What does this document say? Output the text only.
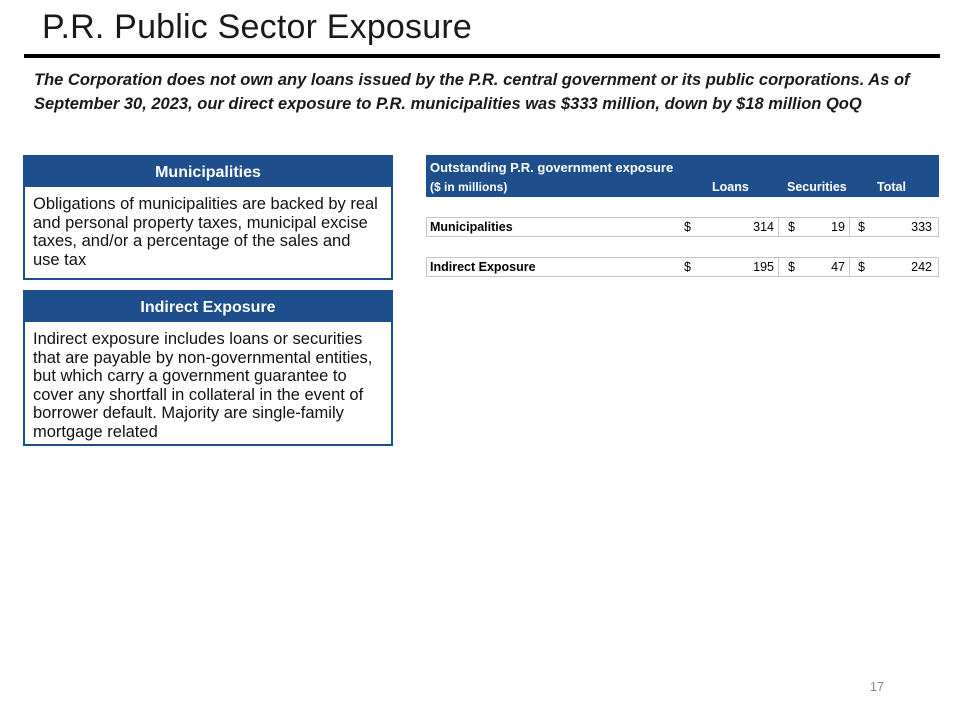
P.R. Public Sector Exposure
The Corporation does not own any loans issued by the P.R. central government or its public corporations. As of September 30, 2023, our direct exposure to P.R. municipalities was $333 million, down by $18 million QoQ
Municipalities
Obligations of municipalities are backed by real and personal property taxes, municipal excise taxes, and/or a percentage of the sales and use tax
Indirect Exposure
Indirect exposure includes loans or securities that are payable by non-governmental entities, but which carry a government guarantee to cover any shortfall in collateral in the event of borrower default. Majority are single-family mortgage related
Outstanding P.R. government exposure
($ in millions)	Loans	Securities Total
Municipalities	$	314 $	19 $	333
Indirect Exposure	$	195 $	47 $	242
17
